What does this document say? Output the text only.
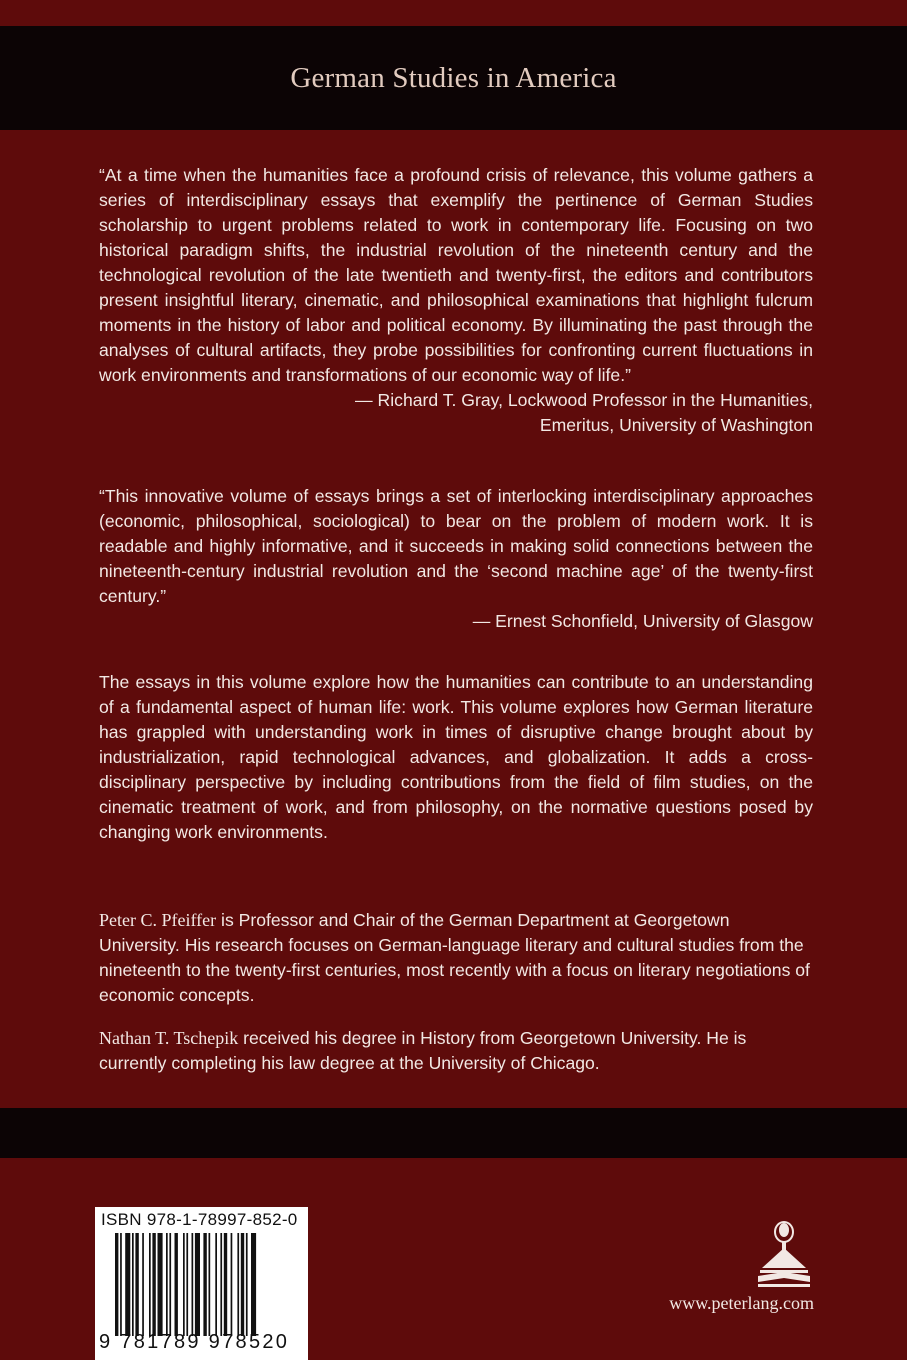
German Studies in America

“At a time when the humanities face a profound crisis of relevance, this volume gathers a series of interdisciplinary essays that exemplify the pertinence of German Studies scholarship to urgent problems related to work in contemporary life. Focusing on two historical paradigm shifts, the industrial revolution of the nineteenth century and the technological revolution of the late twentieth and twenty-first, the editors and contributors present insightful literary, cinematic, and philosophical examinations that highlight fulcrum moments in the history of labor and political economy. By illuminating the past through the analyses of cultural artifacts, they probe possibilities for confronting current fluctuations in work environments and transformations of our economic way of life.”

— Richard T. Gray, Lockwood Professor in the Humanities,
Emeritus, University of Washington

“This innovative volume of essays brings a set of interlocking interdisciplinary approaches (economic, philosophical, sociological) to bear on the problem of modern work. It is readable and highly informative, and it succeeds in making solid connections between the nineteenth-century industrial revolution and the ‘second machine age’ of the twenty-first century.”

— Ernest Schonfield, University of Glasgow

The essays in this volume explore how the humanities can contribute to an understanding of a fundamental aspect of human life: work. This volume explores how German literature has grappled with understanding work in times of disruptive change brought about by industrialization, rapid technological advances, and globalization. It adds a cross-disciplinary perspective by including contributions from the field of film studies, on the cinematic treatment of work, and from philosophy, on the normative questions posed by changing work environments.

Peter C. Pfeiffer is Professor and Chair of the German Department at Georgetown University. His research focuses on German-language literary and cultural studies from the nineteenth to the twenty-first centuries, most recently with a focus on literary negotiations of economic concepts.

Nathan T. Tschepik received his degree in History from Georgetown University. He is currently completing his law degree at the University of Chicago.

ISBN 978-1-78997-852-0
9 781789 978520
www.peterlang.com
